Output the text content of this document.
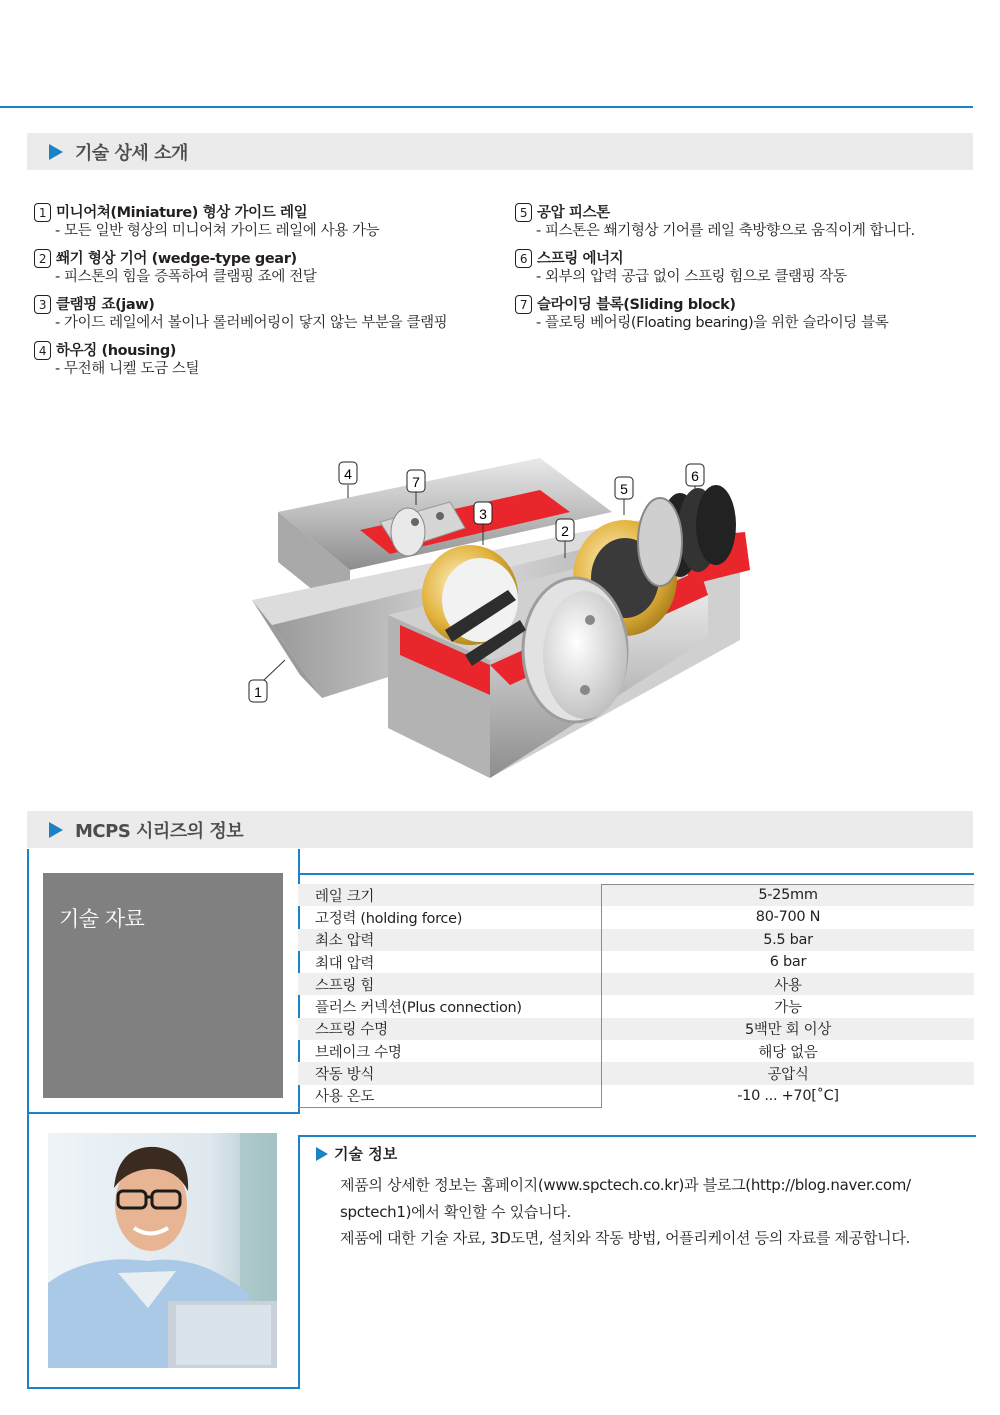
기술 상세 소개
1 미니어쳐(Miniature) 형상 가이드 레일
- 모든 일반 형상의 미니어쳐 가이드 레일에 사용 가능
2 쐐기 형상 기어 (wedge-type gear)
- 피스톤의 힘을 증폭하여 클램핑 죠에 전달
3 클램핑 죠(jaw)
- 가이드 레일에서 볼이나 롤러베어링이 닿지 않는 부분을 클램핑
4 하우징 (housing)
- 무전해 니켈 도금 스틸
5 공압 피스톤
- 피스톤은 쐐기형상 기어를 레일 축방향으로 움직이게 합니다.
6 스프링 에너지
- 외부의 압력 공급 없이 스프링 힘으로 클램핑 작동
7 슬라이딩 블록(Sliding block)
- 플로팅 베어링(Floating bearing)을 위한 슬라이딩 블록
4	7
3
2
5
6
1
MCPS 시리즈의 정보
기술 자료
레일 크기	5-25mm
고정력 (holding force)	80-700 N
최소 압력	5.5 bar
최대 압력	6 bar
스프링 힘	사용
플러스 커넥션(Plus connection)	가능
스프링 수명	5백만 회 이상
브레이크 수명	해당 없음
작동 방식	공압식
사용 온도	-10 ... +70[˚C]
기술 정보
제품의 상세한 정보는 홈페이지(www.spctech.co.kr)과 블로그(http://blog.naver.com/
spctech1)에서 확인할 수 있습니다.
제품에 대한 기술 자료, 3D도면, 설치와 작동 방법, 어플리케이션 등의 자료를 제공합니다.
